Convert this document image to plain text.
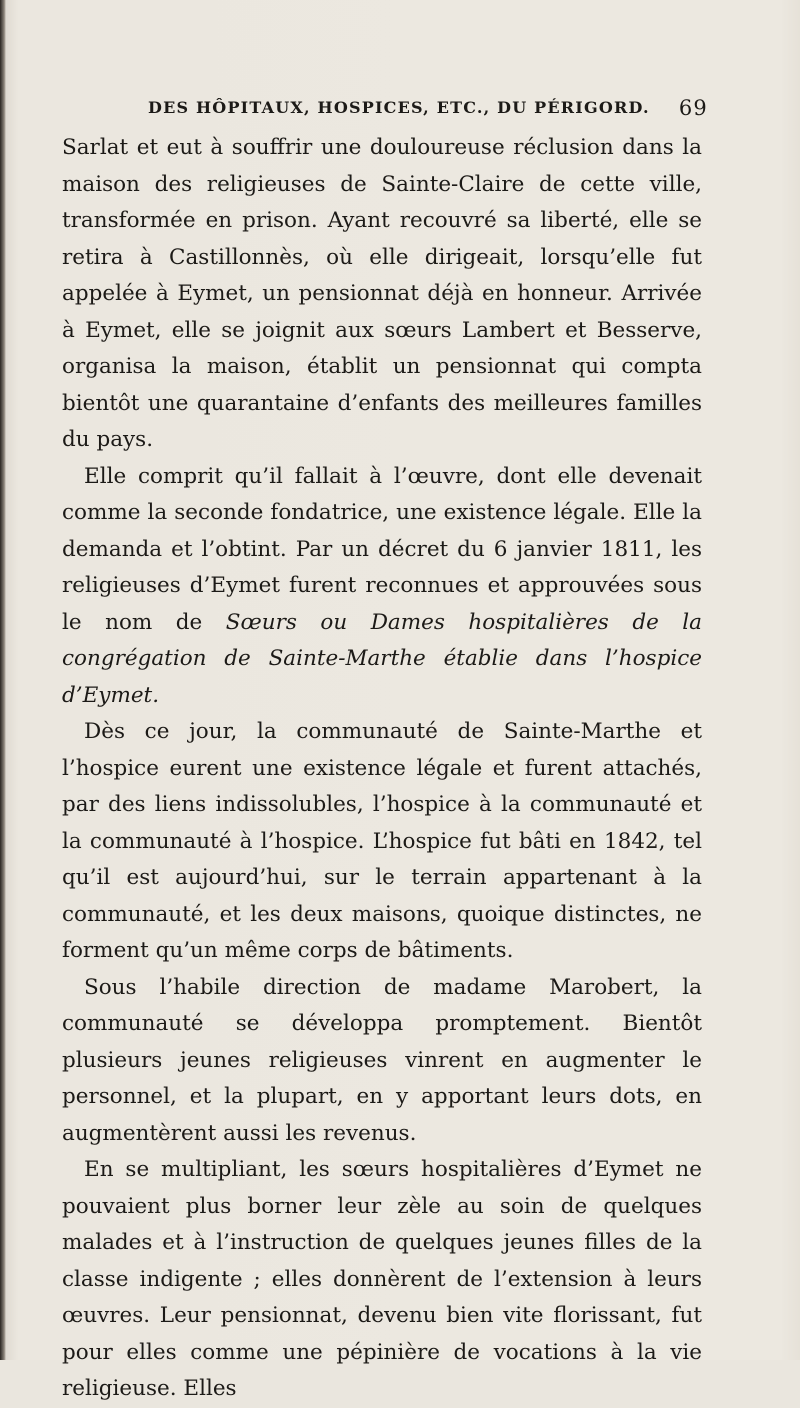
DES HÔPITAUX, HOSPICES, ETC., DU PÉRIGORD. 69

Sarlat et eut à souffrir une douloureuse réclusion dans la maison des religieuses de Sainte-Claire de cette ville, transformée en prison. Ayant recouvré sa liberté, elle se retira à Castillonnès, où elle dirigeait, lorsqu’elle fut appelée à Eymet, un pensionnat déjà en honneur. Arrivée à Eymet, elle se joignit aux sœurs Lambert et Besserve, organisa la maison, établit un pensionnat qui compta bientôt une quarantaine d’enfants des meilleures familles du pays.

Elle comprit qu’il fallait à l’œuvre, dont elle devenait comme la seconde fondatrice, une existence légale. Elle la demanda et l’obtint. Par un décret du 6 janvier 1811, les religieuses d’Eymet furent reconnues et approuvées sous le nom de Sœurs ou Dames hospitalières de la congrégation de Sainte-Marthe établie dans l’hospice d’Eymet.

Dès ce jour, la communauté de Sainte-Marthe et l’hospice eurent une existence légale et furent attachés, par des liens indissolubles, l’hospice à la communauté et la communauté à l’hospice. L’hospice fut bâti en 1842, tel qu’il est aujourd’hui, sur le terrain appartenant à la communauté, et les deux maisons, quoique distinctes, ne forment qu’un même corps de bâtiments.

Sous l’habile direction de madame Marobert, la communauté se développa promptement. Bientôt plusieurs jeunes religieuses vinrent en augmenter le personnel, et la plupart, en y apportant leurs dots, en augmentèrent aussi les revenus.

En se multipliant, les sœurs hospitalières d’Eymet ne pouvaient plus borner leur zèle au soin de quelques malades et à l’instruction de quelques jeunes filles de la classe indigente ; elles donnèrent de l’extension à leurs œuvres. Leur pensionnat, devenu bien vite florissant, fut pour elles comme une pépinière de vocations à la vie religieuse. Elles
